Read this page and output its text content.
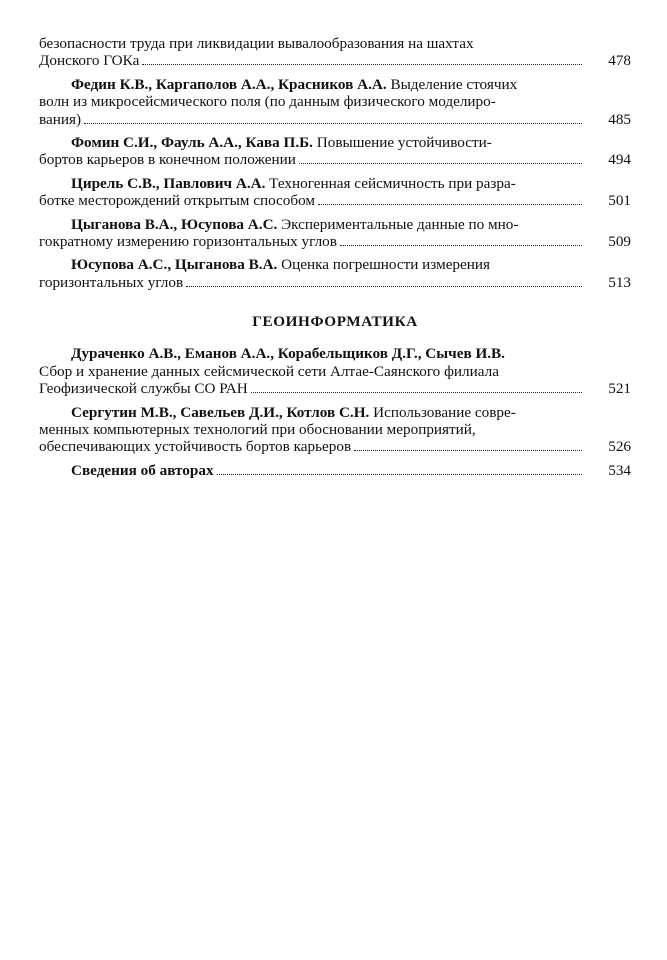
безопасности труда при ликвидации вывалообразования на шахтах
Донского ГОКа	478
Федин К.В., Каргаполов А.А., Красников А.А. Выделение стоячих
волн из микросейсмического поля (по данным физического моделиро-
вания)	485
Фомин С.И., Фауль А.А., Кава П.Б. Повышение устойчивости-
бортов карьеров в конечном положении	494
Цирель С.В., Павлович А.А. Техногенная сейсмичность при разра-
ботке месторождений открытым способом	501
Цыганова В.А., Юсупова А.С. Экспериментальные данные по мно-
гократному измерению горизонтальных углов	509
Юсупова А.С., Цыганова В.А. Оценка погрешности измерения
горизонтальных углов	513
ГЕОИНФОРМАТИКА
Дураченко А.В., Еманов А.А., Корабельщиков Д.Г., Сычев И.В.
Сбор и хранение данных сейсмической сети Алтае-Саянского филиала
Геофизической службы СО РАН	521
Сергутин М.В., Савельев Д.И., Котлов С.Н. Использование совре-
менных компьютерных технологий при обосновании мероприятий,
обеспечивающих устойчивость бортов карьеров	526
Сведения об авторах	534
